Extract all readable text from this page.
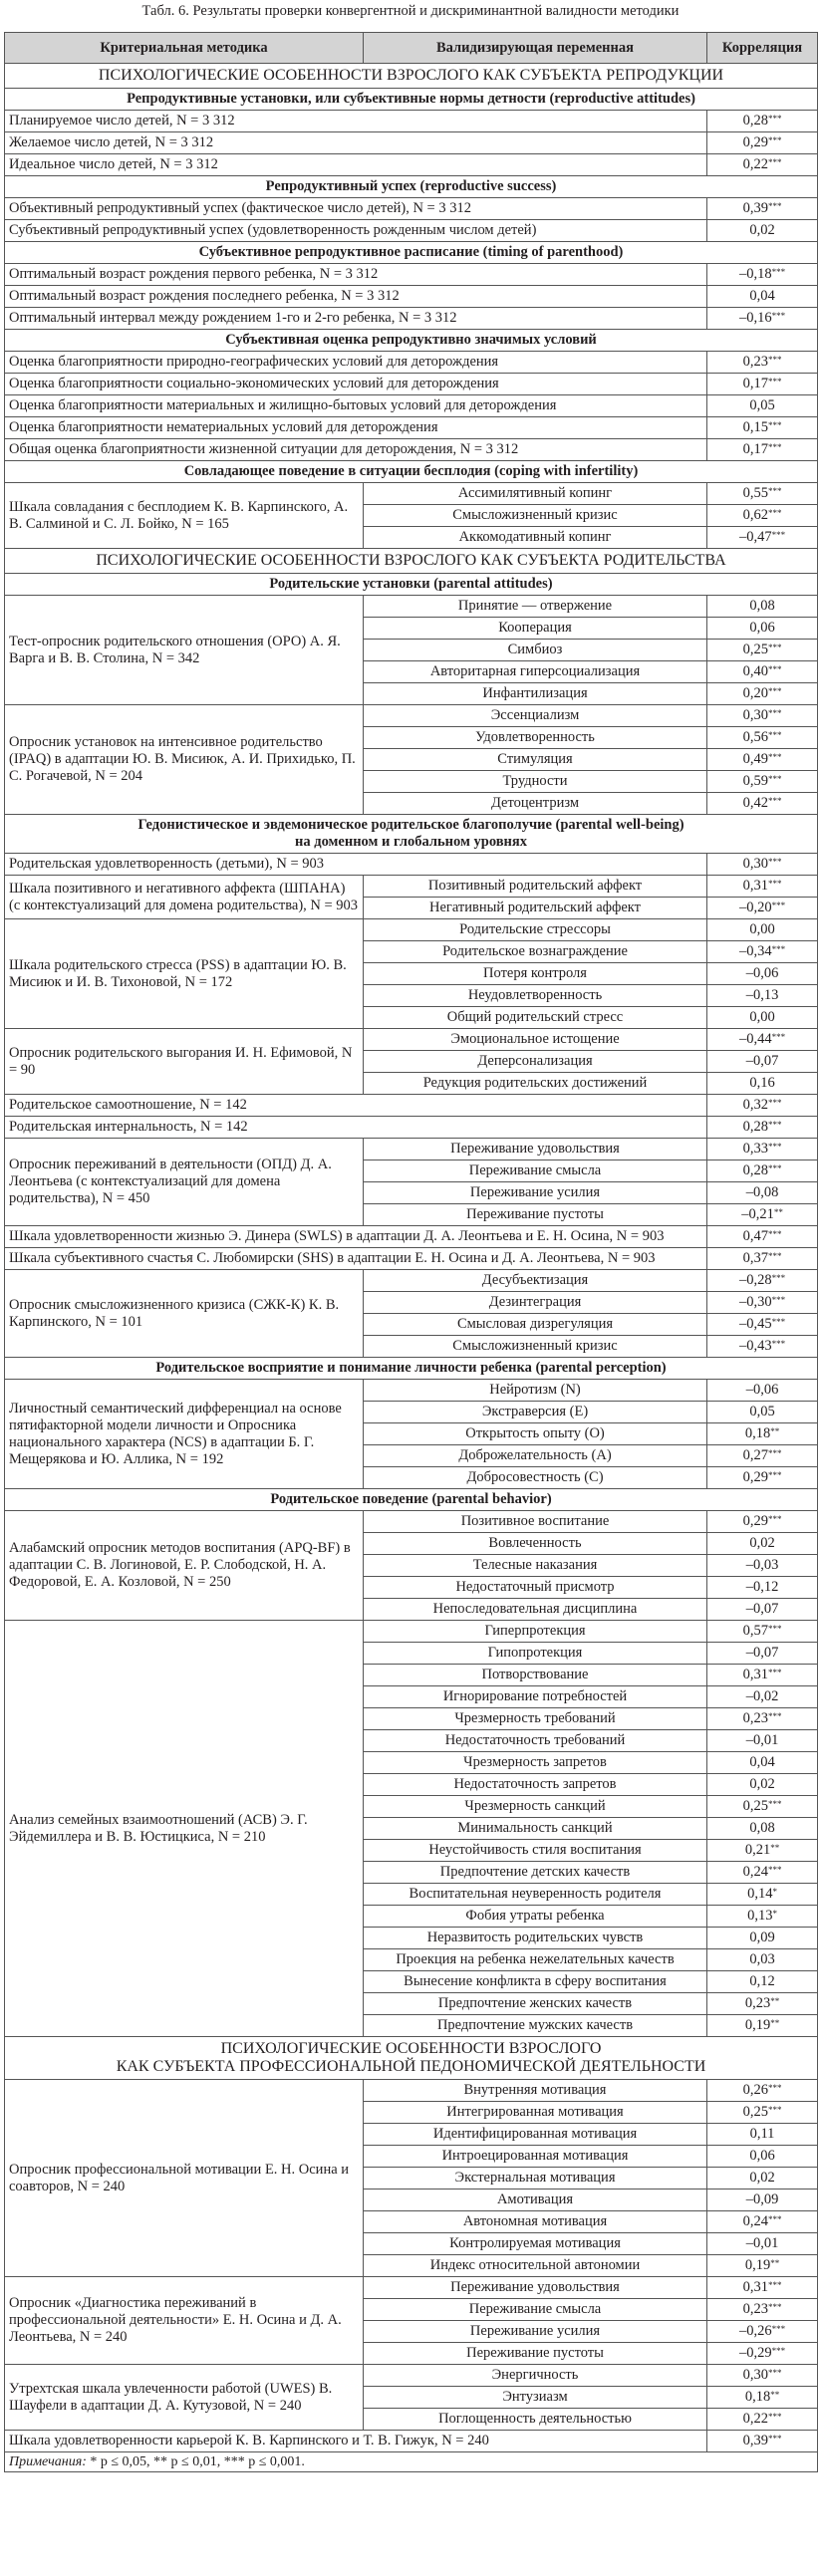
Табл. 6. Результаты проверки конвергентной и дискриминантной валидности методики
Критериальная методика	Валидизирующая переменная	Корреляция

ПСИХОЛОГИЧЕСКИЕ ОСОБЕННОСТИ ВЗРОСЛОГО КАК СУБЪЕКТА РЕПРОДУКЦИИ		

Репродуктивные установки, или субъективные нормы детности (reproductive attitudes)		

Планируемое число детей, N = 3 312		0,28***
Желаемое число детей, N = 3 312		0,29***
Идеальное число детей, N = 3 312		0,22***

Репродуктивный успех (reproductive success)		

Объективный репродуктивный успех (фактическое число детей), N = 3 312		0,39***
Субъективный репродуктивный успех (удовлетворенность рожденным числом детей)		0,02

Субъективное репродуктивное расписание (timing of parenthood)		

Оптимальный возраст рождения первого ребенка, N = 3 312		–0,18***
Оптимальный возраст рождения последнего ребенка, N = 3 312		0,04
Оптимальный интервал между рождением 1-го и 2-го ребенка, N = 3 312		–0,16***

Субъективная оценка репродуктивно значимых условий		

Оценка благоприятности природно-географических условий для деторождения		0,23***
Оценка благоприятности социально-экономических условий для деторождения		0,17***
Оценка благоприятности материальных и жилищно-бытовых условий для деторождения		0,05
Оценка благоприятности нематериальных условий для деторождения		0,15***
Общая оценка благоприятности жизненной ситуации для деторождения, N = 3 312		0,17***

Совладающее поведение в ситуации бесплодия (coping with infertility)		

Шкала совладания с бесплодием К. В. Карпинского, А. В. Салминой и С. Л. Бойко, N = 165	Ассимилятивный копинг	0,55***
	Смысложизненный кризис	0,62***
	Аккомодативный копинг	–0,47***

ПСИХОЛОГИЧЕСКИЕ ОСОБЕННОСТИ ВЗРОСЛОГО КАК СУБЪЕКТА РОДИТЕЛЬСТВА		

Родительские установки (parental attitudes)		

Тест-опросник родительского отношения (ОРО) А. Я. Варга и В. В. Столина, N = 342	Принятие — отвержение	0,08
	Кооперация	0,06
	Симбиоз	0,25***
	Авторитарная гиперсоциализация	0,40***
	Инфантилизация	0,20***
Опросник установок на интенсивное родительство (IPAQ) в адаптации Ю. В. Мисиюк, А. И. Прихидько, П. С. Рогачевой, N = 204	Эссенциализм	0,30***
	Удовлетворенность	0,56***
	Стимуляция	0,49***
	Трудности	0,59***
	Детоцентризм	0,42***

Гедонистическое и эвдемоническое родительское благополучие (parental well-being)
на доменном и глобальном уровнях		

Родительская удовлетворенность (детьми), N = 903		0,30***
Шкала позитивного и негативного аффекта (ШПАНА) (с контекстуализаций для домена родительства), N = 903	Позитивный родительский аффект	0,31***
	Негативный родительский аффект	–0,20***
Шкала родительского стресса (PSS) в адаптации Ю. В. Мисиюк и И. В. Тихоновой, N = 172	Родительские стрессоры	0,00
	Родительское вознаграждение	–0,34***
	Потеря контроля	–0,06
	Неудовлетворенность	–0,13
	Общий родительский стресс	0,00
Опросник родительского выгорания И. Н. Ефимовой, N = 90	Эмоциональное истощение	–0,44***
	Деперсонализация	–0,07
	Редукция родительских достижений	0,16
Родительское самоотношение, N = 142		0,32***
Родительская интернальность, N = 142		0,28***
Опросник переживаний в деятельности (ОПД) Д. А. Леонтьева (с контекстуализаций для домена родительства), N = 450	Переживание удовольствия	0,33***
	Переживание смысла	0,28***
	Переживание усилия	–0,08
	Переживание пустоты	–0,21**
Шкала удовлетворенности жизнью Э. Динера (SWLS) в адаптации Д. А. Леонтьева и Е. Н. Осина, N = 903		0,47***
Шкала субъективного счастья С. Любомирски (SHS) в адаптации Е. Н. Осина и Д. А. Леонтьева, N = 903		0,37***
Опросник смысложизненного кризиса (СЖК-К) К. В. Карпинского, N = 101	Десубъектизация	–0,28***
	Дезинтеграция	–0,30***
	Смысловая дизрегуляция	–0,45***
	Смысложизненный кризис	–0,43***

Родительское восприятие и понимание личности ребенка (parental perception)		

Личностный семантический дифференциал на основе пятифакторной модели личности и Опросника национального характера (NCS) в адаптации Б. Г. Мещерякова и Ю. Аллика, N = 192	Нейротизм (N)	–0,06
	Экстраверсия (E)	0,05
	Открытость опыту (O)	0,18**
	Доброжелательность (A)	0,27***
	Добросовестность (C)	0,29***

Родительское поведение (parental behavior)		

Алабамский опросник методов воспитания (APQ-BF) в адаптации С. В. Логиновой, Е. Р. Слободской, Н. А. Федоровой, Е. А. Козловой, N = 250	Позитивное воспитание	0,29***
	Вовлеченность	0,02
	Телесные наказания	–0,03
	Недостаточный присмотр	–0,12
	Непоследовательная дисциплина	–0,07
Анализ семейных взаимоотношений (АСВ) Э. Г. Эйдемиллера и В. В. Юстицкиса, N = 210	Гиперпротекция	0,57***
	Гипопротекция	–0,07
	Потворствование	0,31***
	Игнорирование потребностей	–0,02
	Чрезмерность требований	0,23***
	Недостаточность требований	–0,01
	Чрезмерность запретов	0,04
	Недостаточность запретов	0,02
	Чрезмерность санкций	0,25***
	Минимальность санкций	0,08
	Неустойчивость стиля воспитания	0,21**
	Предпочтение детских качеств	0,24***
	Воспитательная неуверенность родителя	0,14*
	Фобия утраты ребенка	0,13*
	Неразвитость родительских чувств	0,09
	Проекция на ребенка нежелательных качеств	0,03
	Вынесение конфликта в сферу воспитания	0,12
	Предпочтение женских качеств	0,23**
	Предпочтение мужских качеств	0,19**

ПСИХОЛОГИЧЕСКИЕ ОСОБЕННОСТИ ВЗРОСЛОГО
КАК СУБЪЕКТА ПРОФЕССИОНАЛЬНОЙ ПЕДОНОМИЧЕСКОЙ ДЕЯТЕЛЬНОСТИ		

Опросник профессиональной мотивации Е. Н. Осина и соавторов, N = 240	Внутренняя мотивация	0,26***
	Интегрированная мотивация	0,25***
	Идентифицированная мотивация	0,11
	Интроецированная мотивация	0,06
	Экстернальная мотивация	0,02
	Амотивация	–0,09
	Автономная мотивация	0,24***
	Контролируемая мотивация	–0,01
	Индекс относительной автономии	0,19**
Опросник «Диагностика переживаний в профессиональной деятельности» Е. Н. Осина и Д. А. Леонтьева, N = 240	Переживание удовольствия	0,31***
	Переживание смысла	0,23***
	Переживание усилия	–0,26***
	Переживание пустоты	–0,29***
Утрехтская шкала увлеченности работой (UWES) В. Шауфели в адаптации Д. А. Кутузовой, N = 240	Энергичность	0,30***
	Энтузиазм	0,18**
	Поглощенность деятельностью	0,22***
Шкала удовлетворенности карьерой К. В. Карпинского и Т. В. Гижук, N = 240		0,39***
Примечания: * p ≤ 0,05, ** p ≤ 0,01, *** p ≤ 0,001.		
